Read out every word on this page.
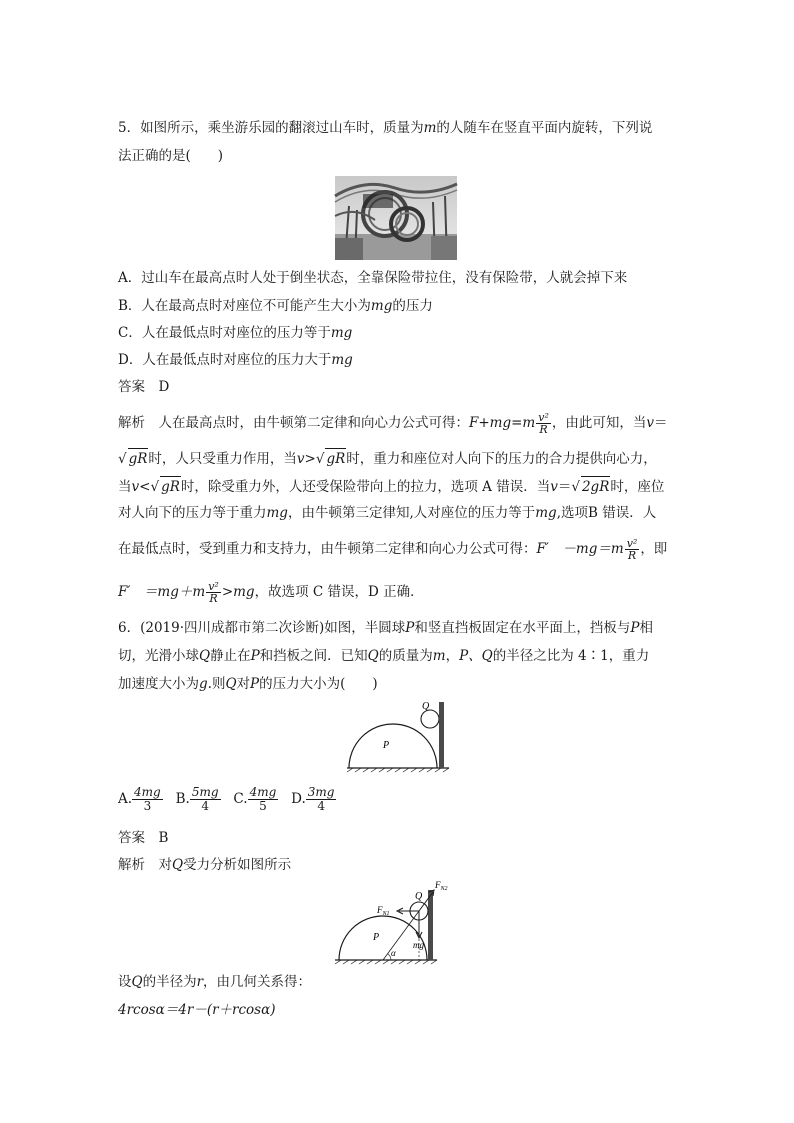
5．如图所示，乘坐游乐园的翻滚过山车时，质量为m的人随车在竖直平面内旋转，下列说
法正确的是(　　)
A．过山车在最高点时人处于倒坐状态，全靠保险带拉住，没有保险带，人就会掉下来
B．人在最高点时对座位不可能产生大小为mg的压力
C．人在最低点时对座位的压力等于mg
D．人在最低点时对座位的压力大于mg
答案　D
解析　人在最高点时，由牛顿第二定律和向心力公式可得：$F+mg=m \frac{\text{v²}}{R}$ ，由此可知，当v＝
√ gR时，人只受重力作用，当v>√ gR时，重力和座位对人向下的压力的合力提供向心力，
当v<√ gR时，除受重力外，人还受保险带向上的拉力，选项 A 错误．当v＝√ 2gR时，座位
对人向下的压力等于重力mg，由牛顿第三定律知,人对座位的压力等于mg,选项B 错误．人
在最低点时，受到重力和支持力，由牛顿第二定律和向心力公式可得：F′　$-mg=m \frac{\text{v²}}{R}$ ，即
F′　$=mg+m \frac{\text{v²}}{R} >mg$，故选项 C 错误，D 正确．
6．(2019·四川成都市第二次诊断)如图，半圆球P和竖直挡板固定在水平面上，挡板与P相
切，光滑小球Q静止在P和挡板之间．已知Q的质量为m，P、Q的半径之比为 4∶1，重力
加速度大小为g.则Q对P的压力大小为(　　)
P
Q
A. $\frac{4mg}{3} B$. $\frac{5mg}{4} C$. $\frac{4mg}{5} D$. $\frac{3mg}{4}$
答案　B
解析　对Q受力分析如图所示
P
Q
$F_{N1}$
$F_{N2}$
mg
α
设Q的半径为r，由几何关系得：
4rcosα＝4r－(r＋rcosα)
